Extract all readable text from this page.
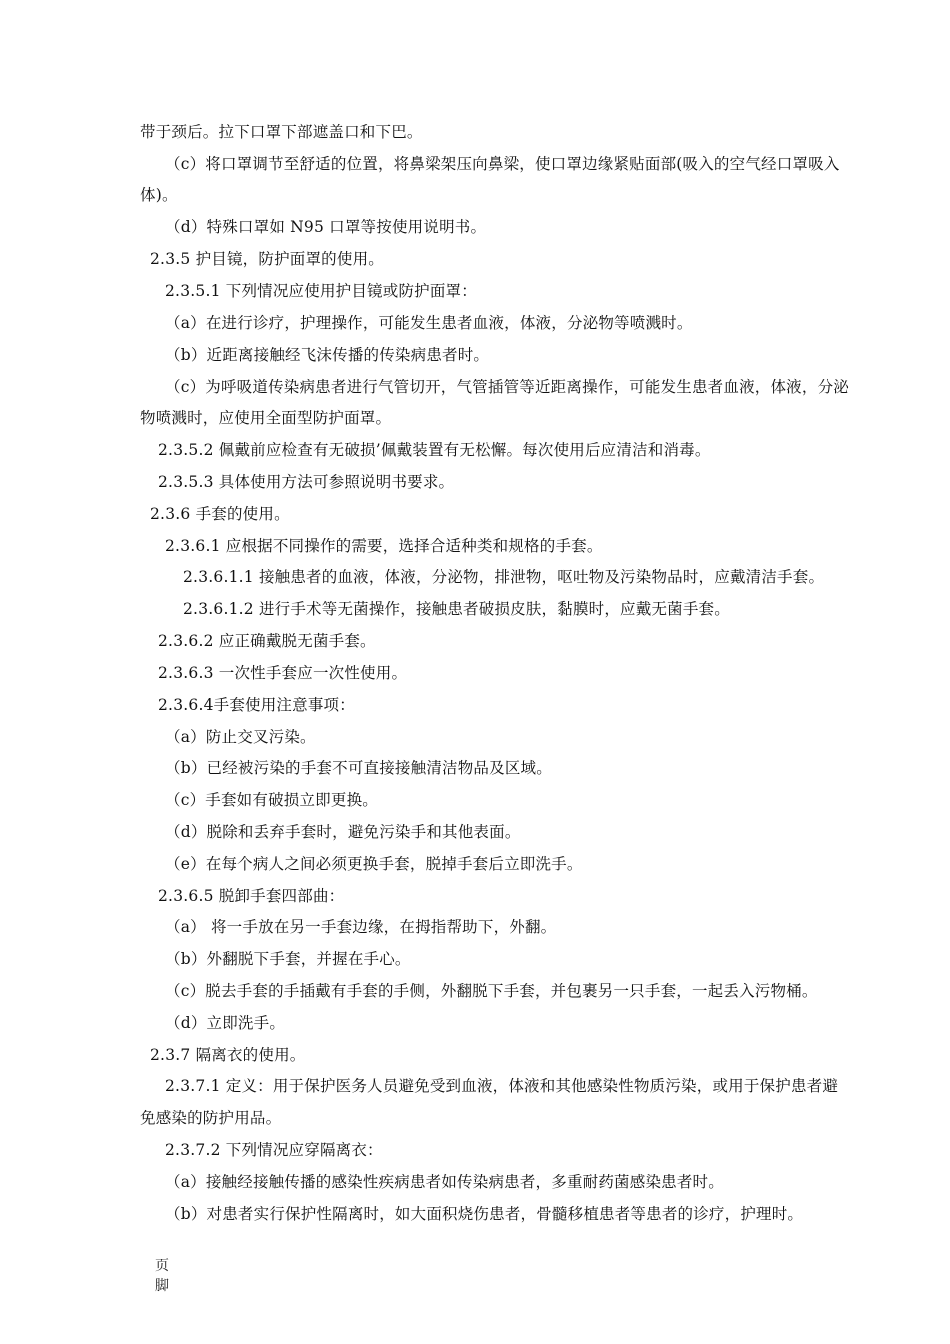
带于颈后。拉下口罩下部遮盖口和下巴。
（c）将口罩调节至舒适的位置，将鼻梁架压向鼻梁，使口罩边缘紧贴面部(吸入的空气经口罩吸入
体)。
（d）特殊口罩如 N95 口罩等按使用说明书。
2.3.5 护目镜，防护面罩的使用。
2.3.5.1 下列情况应使用护目镜或防护面罩：
（a）在进行诊疗，护理操作，可能发生患者血液，体液，分泌物等喷溅时。
（b）近距离接触经飞沫传播的传染病患者时。
（c）为呼吸道传染病患者进行气管切开，气管插管等近距离操作，可能发生患者血液，体液，分泌
物喷溅时，应使用全面型防护面罩。
2.3.5.2 佩戴前应检查有无破损’佩戴装置有无松懈。每次使用后应清洁和消毒。
2.3.5.3 具体使用方法可参照说明书要求。
2.3.6 手套的使用。
2.3.6.1 应根据不同操作的需要，选择合适种类和规格的手套。
2.3.6.1.1 接触患者的血液，体液，分泌物，排泄物，呕吐物及污染物品时，应戴清洁手套。
2.3.6.1.2 进行手术等无菌操作，接触患者破损皮肤，黏膜时，应戴无菌手套。
2.3.6.2 应正确戴脱无菌手套。
2.3.6.3 一次性手套应一次性使用。
2.3.6.4手套使用注意事项：
（a）防止交叉污染。
（b）已经被污染的手套不可直接接触清洁物品及区域。
（c）手套如有破损立即更换。
（d）脱除和丢弃手套时，避免污染手和其他表面。
（e）在每个病人之间必须更换手套，脱掉手套后立即洗手。
2.3.6.5 脱卸手套四部曲：
（a） 将一手放在另一手套边缘，在拇指帮助下，外翻。
（b）外翻脱下手套，并握在手心。
（c）脱去手套的手插戴有手套的手侧，外翻脱下手套，并包裹另一只手套，一起丢入污物桶。
（d）立即洗手。
2.3.7 隔离衣的使用。
2.3.7.1 定义：用于保护医务人员避免受到血液，体液和其他感染性物质污染，或用于保护患者避
免感染的防护用品。
2.3.7.2 下列情况应穿隔离衣：
（a）接触经接触传播的感染性疾病患者如传染病患者，多重耐药菌感染患者时。
（b）对患者实行保护性隔离时，如大面积烧伤患者，骨髓移植患者等患者的诊疗，护理时。
页
脚
